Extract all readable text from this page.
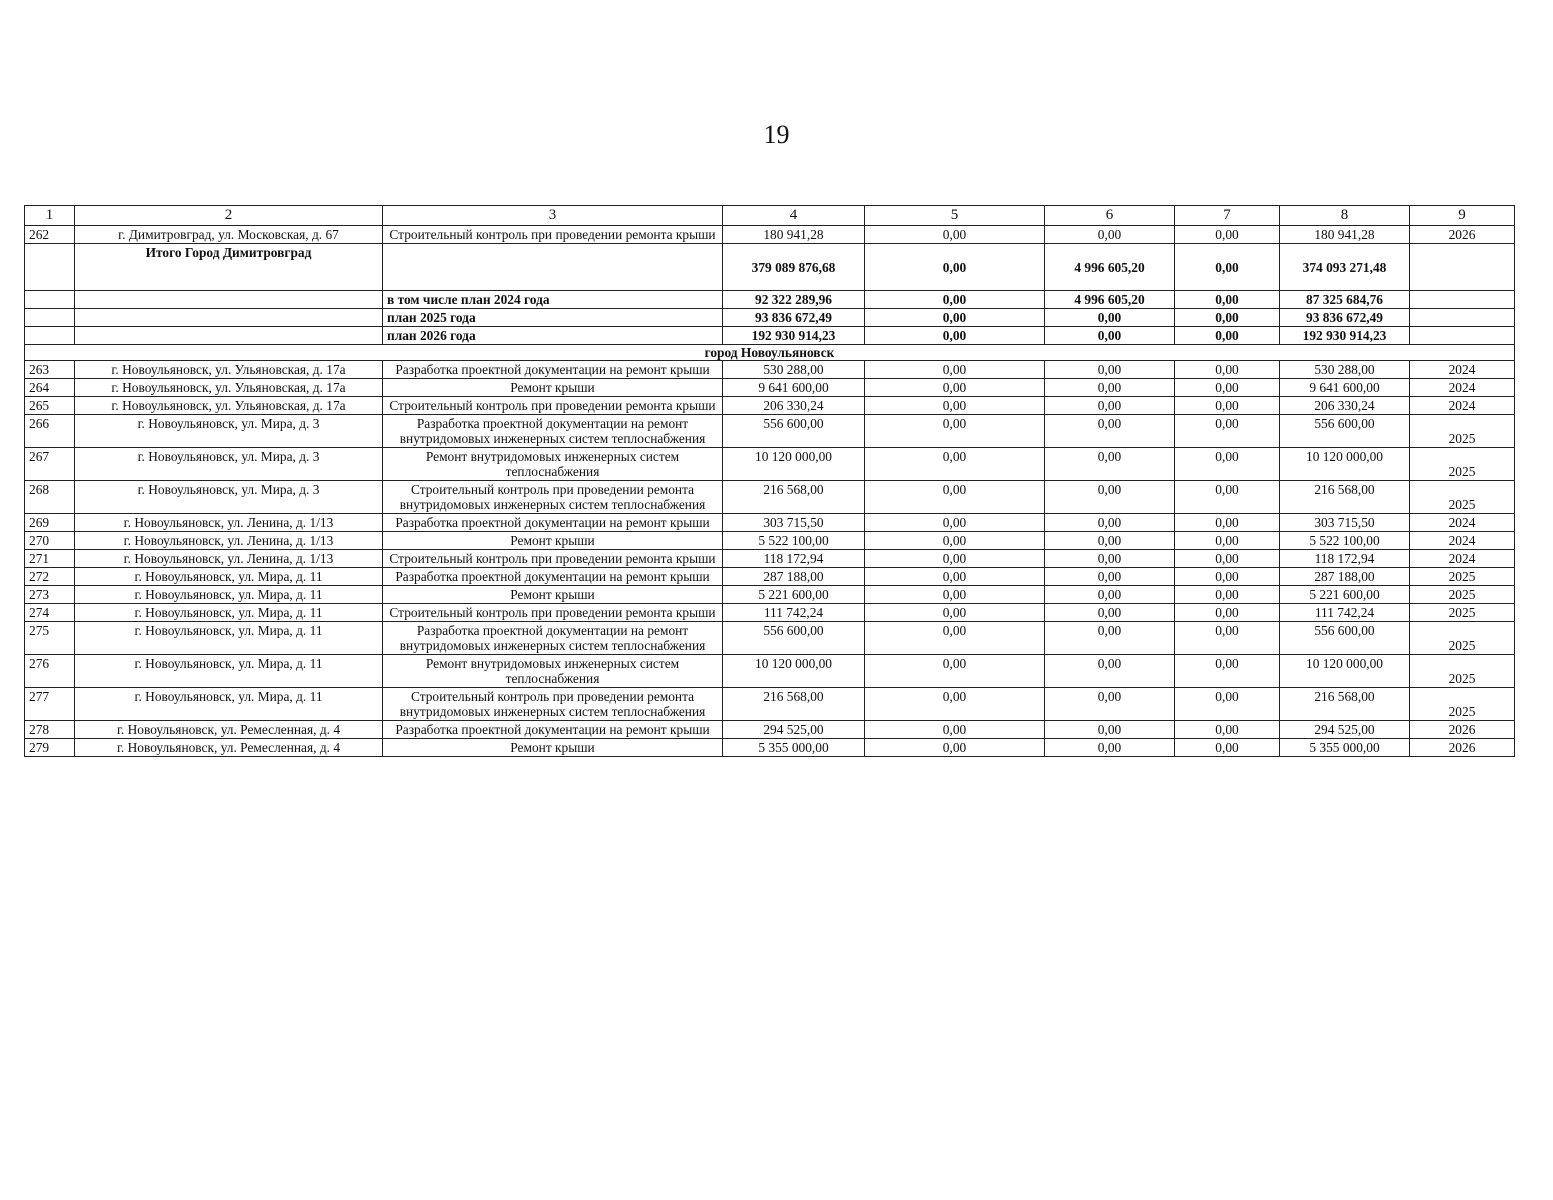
19
1	2	3	4	5	6	7	8	9
262	г. Димитровград, ул. Московская, д. 67	Строительный контроль при проведении ремонта крыши	180 941,28	0,00	0,00	0,00	180 941,28	2026
	Итого Город Димитровград		379 089 876,68	0,00	4 996 605,20	0,00	374 093 271,48	
		в том числе план 2024 года	92 322 289,96	0,00	4 996 605,20	0,00	87 325 684,76	
		план 2025 года	93 836 672,49	0,00	0,00	0,00	93 836 672,49	
		план 2026 года	192 930 914,23	0,00	0,00	0,00	192 930 914,23	
город Новоульяновск								
263	г. Новоульяновск, ул. Ульяновская, д. 17а	Разработка проектной документации на ремонт крыши	530 288,00	0,00	0,00	0,00	530 288,00	2024
264	г. Новоульяновск, ул. Ульяновская, д. 17а	Ремонт крыши	9 641 600,00	0,00	0,00	0,00	9 641 600,00	2024
265	г. Новоульяновск, ул. Ульяновская, д. 17а	Строительный контроль при проведении ремонта крыши	206 330,24	0,00	0,00	0,00	206 330,24	2024
266	г. Новоульяновск, ул. Мира, д. 3	Разработка проектной документации на ремонт внутридомовых инженерных систем теплоснабжения	556 600,00	0,00	0,00	0,00	556 600,00	2025
267	г. Новоульяновск, ул. Мира, д. 3	Ремонт внутридомовых инженерных систем теплоснабжения	10 120 000,00	0,00	0,00	0,00	10 120 000,00	2025
268	г. Новоульяновск, ул. Мира, д. 3	Строительный контроль при проведении ремонта внутридомовых инженерных систем теплоснабжения	216 568,00	0,00	0,00	0,00	216 568,00	2025
269	г. Новоульяновск, ул. Ленина, д. 1/13	Разработка проектной документации на ремонт крыши	303 715,50	0,00	0,00	0,00	303 715,50	2024
270	г. Новоульяновск, ул. Ленина, д. 1/13	Ремонт крыши	5 522 100,00	0,00	0,00	0,00	5 522 100,00	2024
271	г. Новоульяновск, ул. Ленина, д. 1/13	Строительный контроль при проведении ремонта крыши	118 172,94	0,00	0,00	0,00	118 172,94	2024
272	г. Новоульяновск, ул. Мира, д. 11	Разработка проектной документации на ремонт крыши	287 188,00	0,00	0,00	0,00	287 188,00	2025
273	г. Новоульяновск, ул. Мира, д. 11	Ремонт крыши	5 221 600,00	0,00	0,00	0,00	5 221 600,00	2025
274	г. Новоульяновск, ул. Мира, д. 11	Строительный контроль при проведении ремонта крыши	111 742,24	0,00	0,00	0,00	111 742,24	2025
275	г. Новоульяновск, ул. Мира, д. 11	Разработка проектной документации на ремонт внутридомовых инженерных систем теплоснабжения	556 600,00	0,00	0,00	0,00	556 600,00	2025
276	г. Новоульяновск, ул. Мира, д. 11	Ремонт внутридомовых инженерных систем теплоснабжения	10 120 000,00	0,00	0,00	0,00	10 120 000,00	2025
277	г. Новоульяновск, ул. Мира, д. 11	Строительный контроль при проведении ремонта внутридомовых инженерных систем теплоснабжения	216 568,00	0,00	0,00	0,00	216 568,00	2025
278	г. Новоульяновск, ул. Ремесленная, д. 4	Разработка проектной документации на ремонт крыши	294 525,00	0,00	0,00	0,00	294 525,00	2026
279	г. Новоульяновск, ул. Ремесленная, д. 4	Ремонт крыши	5 355 000,00	0,00	0,00	0,00	5 355 000,00	2026
